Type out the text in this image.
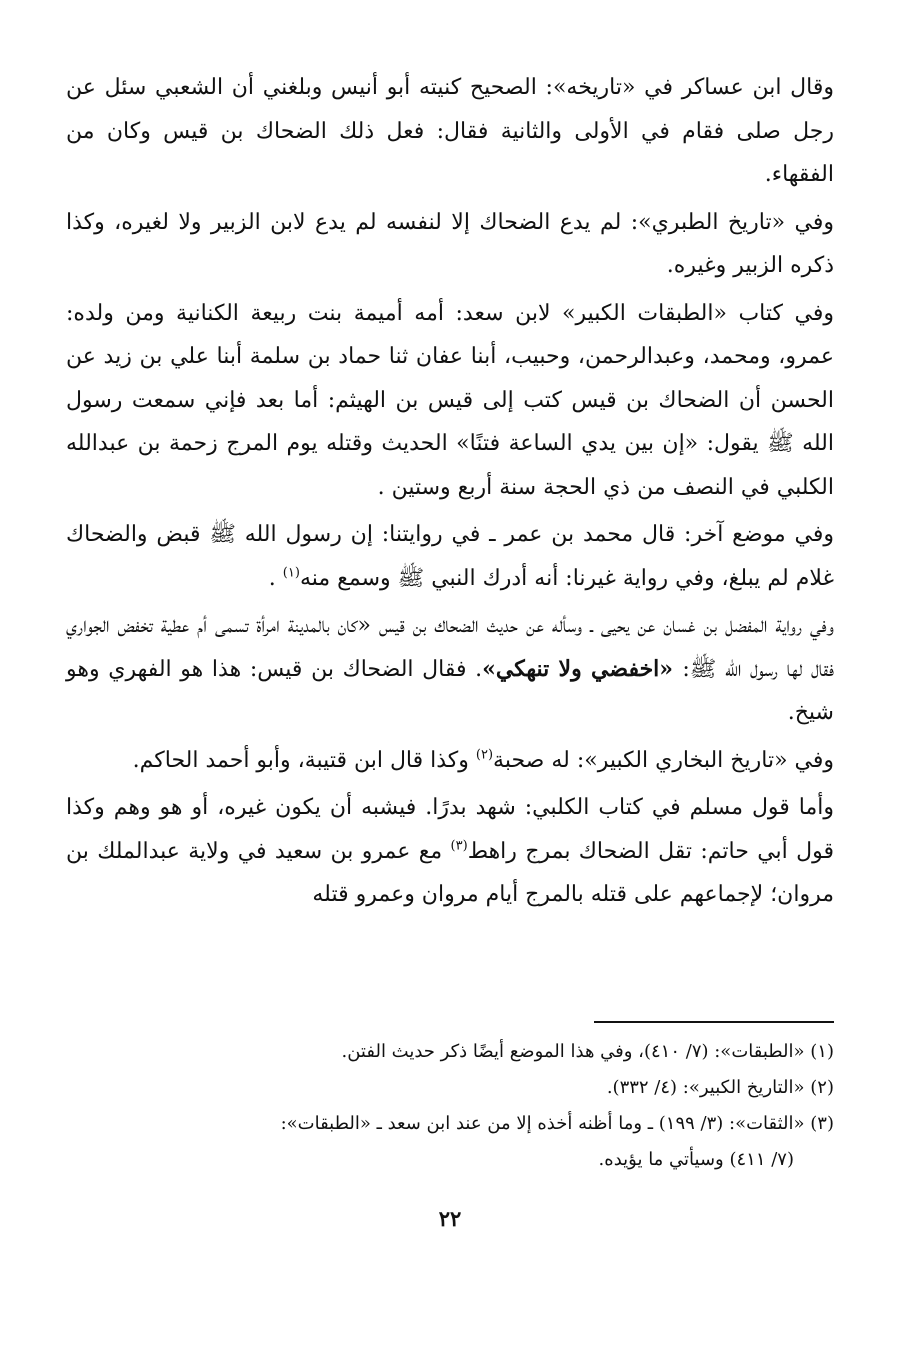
وقال ابن عساكر في «تاريخه»: الصحيح كنيته أبو أنيس وبلغني أن الشعبي سئل عن رجل صلى فقام في الأولى والثانية فقال: فعل ذلك الضحاك بن قيس وكان من الفقهاء.

وفي «تاريخ الطبري»: لم يدع الضحاك إلا لنفسه لم يدع لابن الزبير ولا لغيره، وكذا ذكره الزبير وغيره.

وفي كتاب «الطبقات الكبير» لابن سعد: أمه أميمة بنت ربيعة الكنانية ومن ولده: عمرو، ومحمد، وعبدالرحمن، وحبيب، أبنا عفان ثنا حماد بن سلمة أبنا علي بن زيد عن الحسن أن الضحاك بن قيس كتب إلى قيس بن الهيثم: أما بعد فإني سمعت رسول الله ﷺ يقول: «إن بين يدي الساعة فتنًا» الحديث وقتله يوم المرج زحمة بن عبدالله الكلبي في النصف من ذي الحجة سنة أربع وستين .

وفي موضع آخر: قال محمد بن عمر ـ في روايتنا: إن رسول الله ﷺ قبض والضحاك غلام لم يبلغ، وفي رواية غيرنا: أنه أدرك النبي ﷺ وسمع منه$^{(١)}$ .

وفي رواية المفضل بن غسان عن يحيى ـ وسأله عن حديث الضحاك بن قيس «كان بالمدينة امرأة تسمى أم عطية تخفض الجواري فقال لها رسول الله ﷺ: «اخفضي ولا تنهكي». فقال الضحاك بن قيس: هذا هو الفهري وهو شيخ.

وفي «تاريخ البخاري الكبير»: له صحبة$^{(٢)}$ وكذا قال ابن قتيبة، وأبو أحمد الحاكم.

وأما قول مسلم في كتاب الكلبي: شهد بدرًا. فيشبه أن يكون غيره، أو هو وهم وكذا قول أبي حاتم: تقل الضحاك بمرج راهط$^{(٣)}$ مع عمرو بن سعيد في ولاية عبدالملك بن مروان؛ لإجماعهم على قتله بالمرج أيام مروان وعمرو قتله

(١) «الطبقات»: (٧/ ٤١٠)، وفي هذا الموضع أيضًا ذكر حديث الفتن.

(٢) «التاريخ الكبير»: (٤/ ٣٣٢).

(٣) «الثقات»: (٣/ ١٩٩) ـ وما أظنه أخذه إلا من عند ابن سعد ـ «الطبقات»:

(٧/ ٤١١) وسيأتي ما يؤيده.

٢٢
